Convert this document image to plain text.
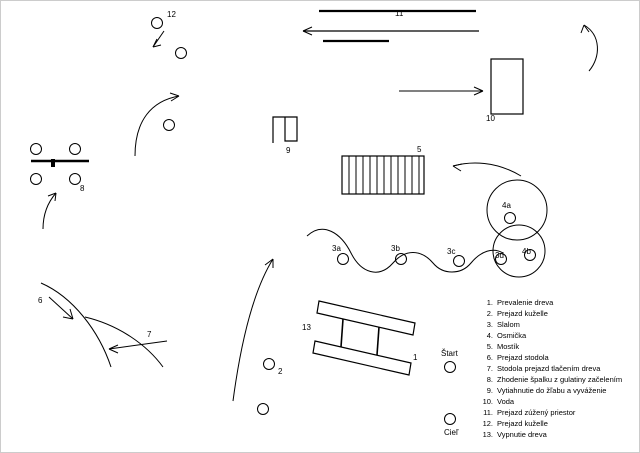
1
2
3a	3b	3c	3d
4a
4b
5
6
7
8
9
10
11
12
13
Štart
Cieľ
1. Prevalenie dreva
2. Prejazd kuželle
3. Slalom
4. Osmička
5. Mostík
6. Prejazd stodola
7. Stodola prejazd tlačením dreva
8. Zhodenie špalku z gulatiny začelením
9. Vytiahnutie do žľabu a vyváženie
10. Voda
11. Prejazd zúžený priestor
12. Prejazd kuželle
13. Vypnutie dreva
